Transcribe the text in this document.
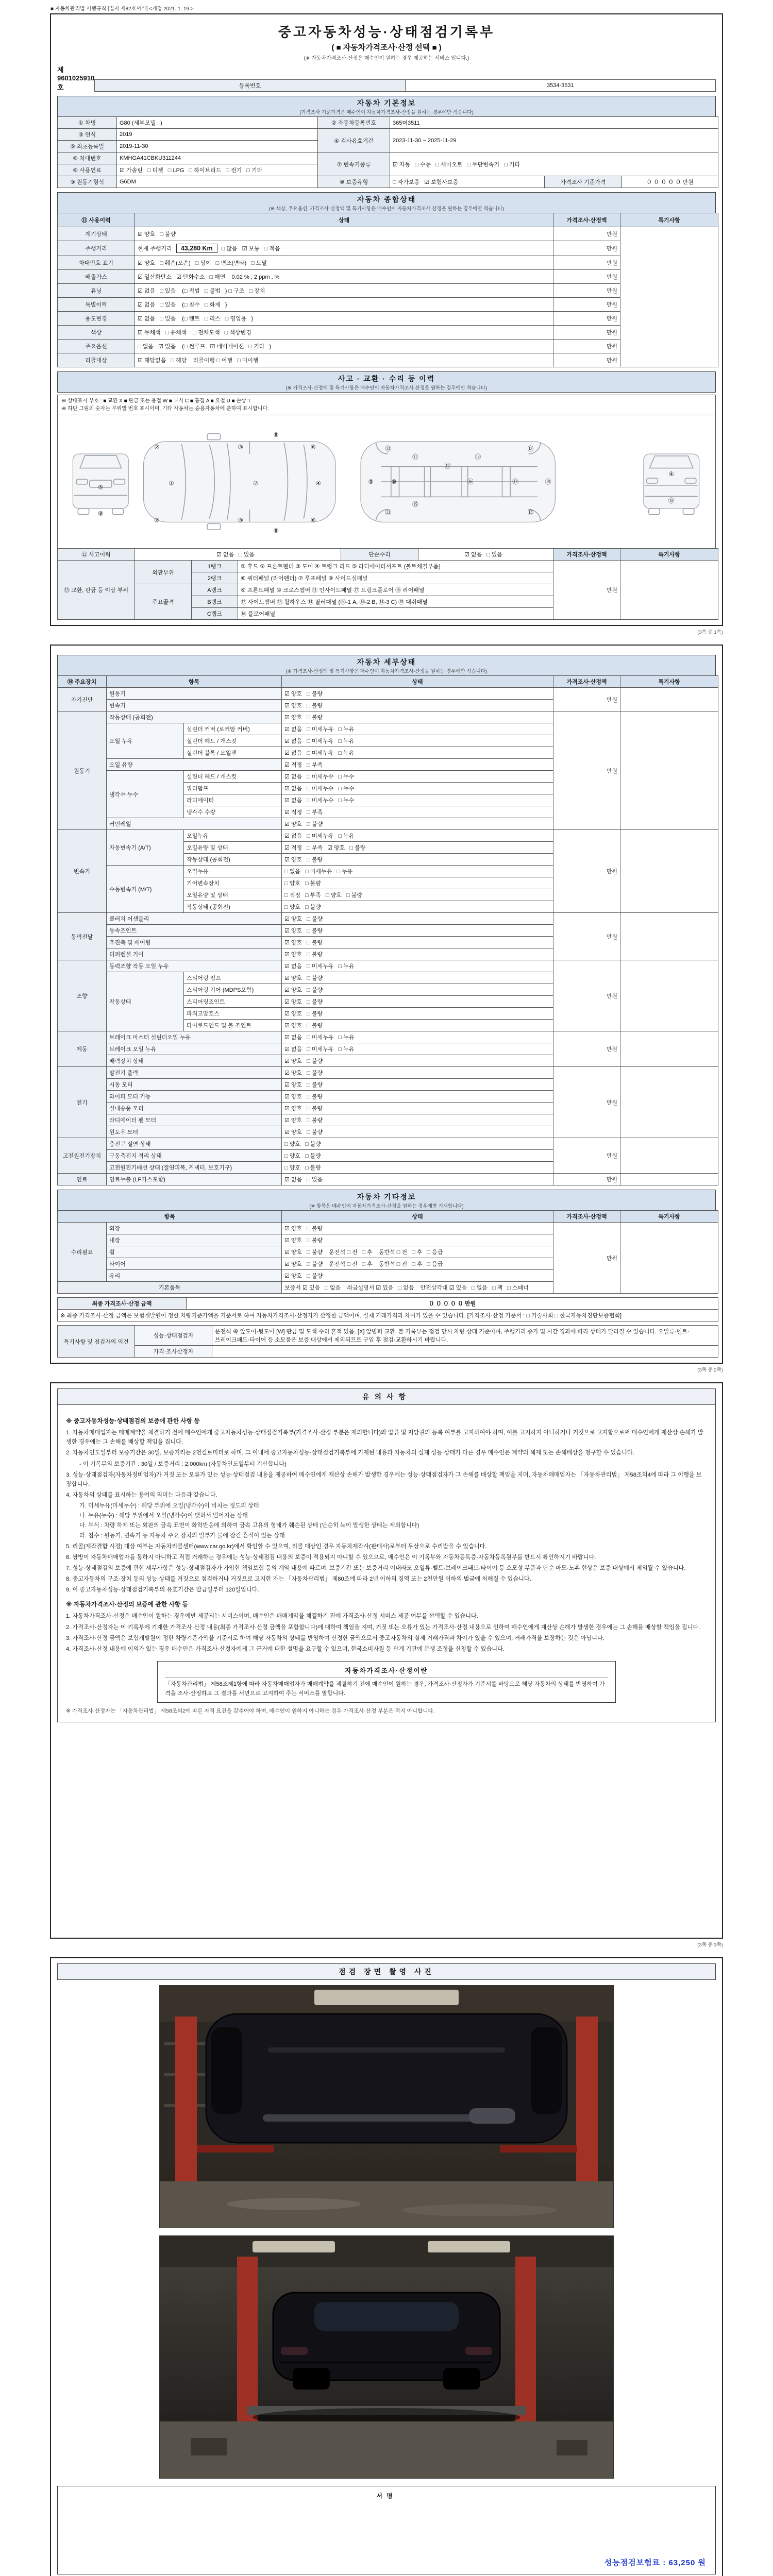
■ 자동차관리법 시행규칙 [별지 제82호서식] <개정 2021. 1. 19.>
중고자동차성능·상태점검기록부
( ■ 자동차가격조사·산정 선택 ■ )
(※ 자동차가격조사·산정은 매수인이 원하는 경우 제공하는 서비스 입니다.)
제 9601025910호	등록번호	3534-3531
자동차 기본정보
(가격조사 기준가격은 매수인이 자동차가격조사·산정을 원하는 경우에만 적습니다)
① 차명	G80 (세부모델 : )	② 자동차등록번호	365머3511		
③ 연식	2019	④ 검사유효기간	2023-11-30 ~ 2025-11-29		
⑤ 최초등록일	2019-11-30				
⑥ 차대번호	KMHGA41CBKU311244	⑦ 변속기종류	☑ 자동 □ 수동 □ 세미오토 □ 무단변속기 □ 기타		
⑧ 사용연료	☑ 가솔린 □ 디젤 □ LPG □ 하이브리드 □ 전기 □ 기타				
⑨ 원동기형식	G6DM	⑩ 보증유형	□ 자가보증 ☑ 보험사보증	가격조사 기준가격	０ ０ ０ ０ ０ 만원
자동차 종합상태
(※ 색상, 주요옵션, 가격조사·산정액 및 특기사항은 매수인이 자동차가격조사·산정을 원하는 경우에만 적습니다)
⑪ 사용이력	상태	가격조사·산정액	특기사항
계기상태	☑ 양호 □ 불량	만원	
주행거리	현재 주행거리 43,280 Km □ 많음 ☑ 보통 □ 적음	만원	
차대번호 표기	☑ 양호 □ 훼손(오손) □ 상이 □ 변조(변타) □ 도말	만원	
배출가스	☑ 일산화탄소 ☑ 탄화수소 □ 매연 0.02 % , 2 ppm , %	만원	
튜닝	☑ 없음 □ 있음 (□ 적법 □ 불법 ) □ 구조 □ 장치	만원	
특별이력	☑ 없음 □ 있음 (□ 침수 □ 화재 )	만원	
용도변경	☑ 없음 □ 있음 (□ 렌트 □ 리스 □ 영업용 )	만원	
색상	☑ 무채색 □ 유채색 □ 전체도색 □ 색상변경	만원	
주요옵션	□ 없음 ☑ 있음 (□ 썬루프 ☑ 네비게이션 □ 기타 )	만원	
리콜대상	☑ 해당없음 □ 해당 리콜이행 □ 이행 □ 미이행	만원	
사고 · 교환 · 수리 등 이력
(※ 가격조사·산정액 및 특기사항은 매수인이 자동차가격조사·산정을 원하는 경우에만 적습니다)
※ 상태표시 부호 : ■ 교환 X ■ 판금 또는 용접 W ■ 부식 C ■ 흠집 A ■ 요철 U ■ 손상 T
※ 하단 그림의 숫자는 부위별 번호 표시이며, 기타 자동차는 승용자동차에 준하여 표시합니다.
⑤
⑨
①
②
②
③
③
⑥
⑥
⑦	④
⑧
⑧
⑨	⑩
⑪
⑫
⑬	⑬
⑬	⑬
⑭
⑮
⑯	⑰	⑱
④
⑱
⑫ 사고이력	☑ 없음 □ 있음	단순수리	☑ 없음 □ 있음	가격조사·산정액	특기사항
⑬ 교환, 판금 등 이상 부위	외판부위	1랭크	① 후드 ② 프론트펜더 ③ 도어 ④ 트렁크 리드 ⑤ 라디에이터서포트 (볼트체결부품)	만원	
		2랭크	⑥ 쿼터패널 (리어펜더) ⑦ 루프패널 ⑧ 사이드실패널		
	주요골격	A랭크	⑨ 프론트패널 ⑩ 크로스멤버 ⑪ 인사이드패널 ⑰ 트렁크플로어 ⑱ 리어패널		
		B랭크	⑫ 사이드멤버 ⑬ 휠하우스 ⑭ 필러패널 (⑭-1 A, ⑭-2 B, ⑭-3 C) ⑮ 대쉬패널		
		C랭크	⑯ 플로어패널		
(3쪽 중 1쪽)
자동차 세부상태
(※ 가격조사·산정액 및 특기사항은 매수인이 자동차가격조사·산정을 원하는 경우에만 적습니다)
⑭ 주요장치	항목		상태	가격조사·산정액	특기사항
자기진단	원동기		☑ 양호 □ 불량	만원	
	변속기		☑ 양호 □ 불량		
원동기	작동상태 (공회전)		☑ 양호 □ 불량	만원	
	오일 누유	실린더 커버 (로커암 커버)	☑ 없음 □ 미세누유 □ 누유		
		실린더 헤드 / 개스킷	☑ 없음 □ 미세누유 □ 누유		
		실린더 블록 / 오일팬	☑ 없음 □ 미세누유 □ 누유		
	오일 유량		☑ 적정 □ 부족		
	냉각수 누수	실린더 헤드 / 개스킷	☑ 없음 □ 미세누수 □ 누수		
		워터펌프	☑ 없음 □ 미세누수 □ 누수		
		라디에이터	☑ 없음 □ 미세누수 □ 누수		
		냉각수 수량	☑ 적정 □ 부족		
	커먼레일		☑ 양호 □ 불량		
변속기	자동변속기 (A/T)	오일누유	☑ 없음 □ 미세누유 □ 누유	만원	
		오일유량 및 상태	☑ 적정 □ 부족 ☑ 양호 □ 불량		
		작동상태 (공회전)	☑ 양호 □ 불량		
	수동변속기 (M/T)	오일누유	□ 없음 □ 미세누유 □ 누유		
		기어변속장치	□ 양호 □ 불량		
		오일유량 및 상태	□ 적정 □ 부족 □ 양호 □ 불량		
		작동상태 (공회전)	□ 양호 □ 불량		
동력전달	클러치 어셈블리		☑ 양호 □ 불량	만원	
	등속조인트		☑ 양호 □ 불량		
	추진축 및 베어링		☑ 양호 □ 불량		
	디퍼렌셜 기어		☑ 양호 □ 불량		
조향	동력조향 작동 오일 누유		☑ 없음 □ 미세누유 □ 누유	만원	
	작동상태	스티어링 펌프	☑ 양호 □ 불량		
		스티어링 기어 (MDPS포함)	☑ 양호 □ 불량		
		스티어링조인트	☑ 양호 □ 불량		
		파워고압호스	☑ 양호 □ 불량		
		타이로드엔드 및 볼 조인트	☑ 양호 □ 불량		
제동	브레이크 마스터 실린더오일 누유		☑ 없음 □ 미세누유 □ 누유	만원	
	브레이크 오일 누유		☑ 없음 □ 미세누유 □ 누유		
	배력장치 상태		☑ 양호 □ 불량		
전기	발전기 출력		☑ 양호 □ 불량	만원	
	시동 모터		☑ 양호 □ 불량		
	와이퍼 모터 기능		☑ 양호 □ 불량		
	실내송풍 모터		☑ 양호 □ 불량		
	라디에이터 팬 모터		☑ 양호 □ 불량		
	윈도우 모터		☑ 양호 □ 불량		
고전원전기장치	충전구 절연 상태		□ 양호 □ 불량	만원	
	구동축전지 격리 상태		□ 양호 □ 불량		
	고전원전기배선 상태 (절연피복, 커넥터, 보호기구)		□ 양호 □ 불량		
연료	연료누출 (LP가스포함)		☑ 없음 □ 있음	만원	
자동차 기타정보
(※ 항목은 매수인이 자동차가격조사·산정을 원하는 경우에만 기재합니다)
항목		상태	가격조사·산정액	특기사항
수리필요	외장	☑ 양호 □ 불량	만원	
	내장	☑ 양호 □ 불량		
	휠	☑ 양호 □ 불량 운전석 □ 전 □ 후 동반석 □ 전 □ 후 □ 응급		
	타이어	☑ 양호 □ 불량 운전석 □ 전 □ 후 동반석 □ 전 □ 후 □ 응급		
	유리	☑ 양호 □ 불량		
기본품목		보증서 ☑ 있음 □ 없음 취급설명서 ☑ 있음 □ 없음 안전삼각대 ☑ 있음 □ 없음 □ 잭 □ 스패너		
최종 가격조사·산정 금액	０ ０ ０ ０ ０ 만원
※ 최종 가격조사·산정 금액은 보험개발원이 정한 차량기준가액을 기준서로 하여 자동차가격조사·산정자가 산정한 금액이며, 실제 거래가격과 차이가 있을 수 있습니다. [가격조사·산정 기준서 : □ 기술사회 □ 한국자동차진단보증협회]
특기사항 및 점검자의 의견	성능·상태점검자	운전석 쪽 앞도어·뒷도어 [W] 판금 및 도색 수리 흔적 있음. [X] 앞범퍼 교환. 본 기록부는 점검 당시 차량 상태 기준이며, 주행거리 증가 및 시간 경과에 따라 상태가 달라질 수 있습니다. 오일류·벨트·브레이크패드·타이어 등 소모품은 보증 대상에서 제외되므로 구입 후 점검·교환하시기 바랍니다.
	가격·조사산정자	
(3쪽 중 2쪽)
유의사항
※ 중고자동차성능·상태점검의 보증에 관한 사항 등
1. 자동차매매업자는 매매계약을 체결하기 전에 매수인에게 중고자동차성능·상태점검기록부(가격조사·산정 부분은 제외합니다)와 압류 및 저당권의 등록 여부를 고지하여야 하며, 이를 고지하지 아니하거나 거짓으로 고지함으로써 매수인에게 재산상 손해가 발생한 경우에는 그 손해를 배상할 책임을 집니다.
2. 자동차인도일부터 보증기간은 30일, 보증거리는 2천킬로미터로 하며, 그 이내에 중고자동차성능·상태점검기록부에 기재된 내용과 자동차의 실제 성능·상태가 다른 경우 매수인은 계약의 해제 또는 손해배상을 청구할 수 있습니다.
- 이 기록부의 보증기간 : 30일 / 보증거리 : 2,000km (자동차인도일부터 기산합니다)
3. 성능·상태점검자(자동차정비업자)가 거짓 또는 오류가 있는 성능·상태점검 내용을 제공하여 매수인에게 재산상 손해가 발생한 경우에는 성능·상태점검자가 그 손해를 배상할 책임을 지며, 자동차매매업자는 「자동차관리법」 제58조의4에 따라 그 이행을 보장합니다.
4. 자동차의 상태를 표시하는 용어의 의미는 다음과 같습니다.
가. 미세누유(미세누수) : 해당 부위에 오일(냉각수)이 비치는 정도의 상태
나. 누유(누수) : 해당 부위에서 오일(냉각수)이 맺혀서 떨어지는 상태
다. 부식 : 차량 하체 또는 외판의 금속 표면이 화학반응에 의하여 금속 고유의 형태가 훼손된 상태 (단순히 녹이 발생한 상태는 제외합니다)
라. 침수 : 원동기, 변속기 등 자동차 주요 장치의 일부가 물에 잠긴 흔적이 있는 상태
5. 리콜(제작결함 시정) 대상 여부는 자동차리콜센터(www.car.go.kr)에서 확인할 수 있으며, 리콜 대상인 경우 자동차제작사(판매사)로부터 무상으로 수리받을 수 있습니다.
6. 쌍방이 자동차매매업자를 통하지 아니하고 직접 거래하는 경우에는 성능·상태점검 내용의 보증이 적용되지 아니할 수 있으므로, 매수인은 이 기록부와 자동차등록증·자동차등록원부를 반드시 확인하시기 바랍니다.
7. 성능·상태점검의 보증에 관한 세부사항은 성능·상태점검자가 가입한 책임보험 등의 계약 내용에 따르며, 보증기간 또는 보증거리 이내라도 오일류·벨트·브레이크패드·타이어 등 소모성 부품과 단순 마모·노후 현상은 보증 대상에서 제외될 수 있습니다.
8. 중고자동차의 구조·장치 등의 성능·상태를 거짓으로 점검하거나 거짓으로 고지한 자는 「자동차관리법」 제80조에 따라 2년 이하의 징역 또는 2천만원 이하의 벌금에 처해질 수 있습니다.
9. 이 중고자동차성능·상태점검기록부의 유효기간은 발급일부터 120일입니다.
※ 자동차가격조사·산정의 보증에 관한 사항 등
1. 자동차가격조사·산정은 매수인이 원하는 경우에만 제공되는 서비스이며, 매수인은 매매계약을 체결하기 전에 가격조사·산정 서비스 제공 여부를 선택할 수 있습니다.
2. 가격조사·산정자는 이 기록부에 기재한 가격조사·산정 내용(최종 가격조사·산정 금액을 포함합니다)에 대하여 책임을 지며, 거짓 또는 오류가 있는 가격조사·산정 내용으로 인하여 매수인에게 재산상 손해가 발생한 경우에는 그 손해를 배상할 책임을 집니다.
3. 가격조사·산정 금액은 보험개발원이 정한 차량기준가액을 기준서로 하여 해당 자동차의 상태를 반영하여 산정한 금액으로서 중고자동차의 실제 거래가격과 차이가 있을 수 있으며, 거래가격을 보장하는 것은 아닙니다.
4. 가격조사·산정 내용에 이의가 있는 경우 매수인은 가격조사·산정자에게 그 근거에 대한 설명을 요구할 수 있으며, 한국소비자원 등 관계 기관에 분쟁 조정을 신청할 수 있습니다.
자동차가격조사·산정이란
「자동차관리법」 제58조제1항에 따라 자동차매매업자가 매매계약을 체결하기 전에 매수인이 원하는 경우, 가격조사·산정자가 기준서를 바탕으로 해당 자동차의 상태를 반영하여 가격을 조사·산정하고 그 결과를 서면으로 고지하여 주는 서비스를 말합니다.
※ 가격조사·산정자는 「자동차관리법」 제58조의2에 따른 자격 요건을 갖추어야 하며, 매수인이 원하지 아니하는 경우 가격조사·산정 부분은 적지 아니합니다.
(3쪽 중 3쪽)
점검 장면 촬영 사진
서명
성능점검보험료 : 63,250 원
